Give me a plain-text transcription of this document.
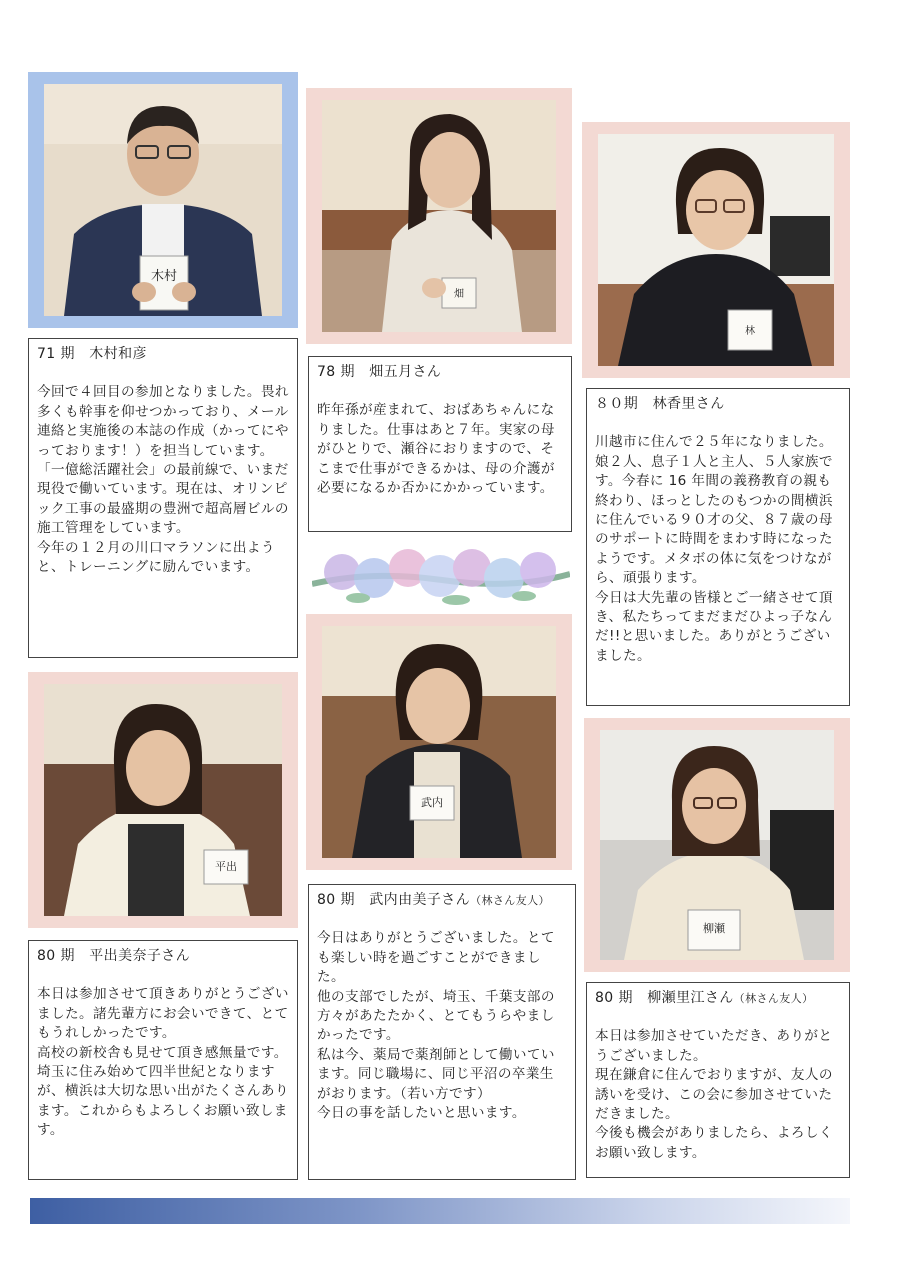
木村
畑
林
71 期　木村和彦
今回で４回目の参加となりました。畏れ多くも幹事を仰せつかっており、メール連絡と実施後の本誌の作成（かってにやっております！）を担当しています。
「一億総活躍社会」の最前線で、いまだ現役で働いています。現在は、オリンピック工事の最盛期の豊洲で超高層ビルの施工管理をしています。
今年の１２月の川口マラソンに出ようと、トレーニングに励んでいます。
78 期　畑五月さん
昨年孫が産まれて、おばあちゃんになりました。仕事はあと７年。実家の母がひとりで、瀬谷におりますので、そこまで仕事ができるかは、母の介護が必要になるか否かにかかっています。
８０期　林香里さん
川越市に住んで２５年になりました。娘２人、息子１人と主人、５人家族です。今春に 16 年間の義務教育の親も終わり、ほっとしたのもつかの間横浜に住んでいる９０才の父、８７歳の母のサポートに時間をまわす時になったようです。メタボの体に気をつけながら、頑張ります。
今日は大先輩の皆様とご一緒させて頂き、私たちってまだまだひよっ子なんだ!!と思いました。ありがとうございました。
平出
武内
柳瀬
80 期　平出美奈子さん
本日は参加させて頂きありがとうございました。諸先輩方にお会いできて、とてもうれしかったです。
高校の新校舎も見せて頂き感無量です。
埼玉に住み始めて四半世紀となりますが、横浜は大切な思い出がたくさんあります。これからもよろしくお願い致します。
80 期　武内由美子さん（林さん友人）
今日はありがとうございました。とても楽しい時を過ごすことができました。
他の支部でしたが、埼玉、千葉支部の方々があたたかく、とてもうらやましかったです。
私は今、薬局で薬剤師として働いています。同じ職場に、同じ平沼の卒業生がおります。（若い方です）
今日の事を話したいと思います。
80 期　柳瀬里江さん（林さん友人）
本日は参加させていただき、ありがとうございました。
現在鎌倉に住んでおりますが、友人の誘いを受け、この会に参加させていただきました。
今後も機会がありましたら、よろしくお願い致します。
